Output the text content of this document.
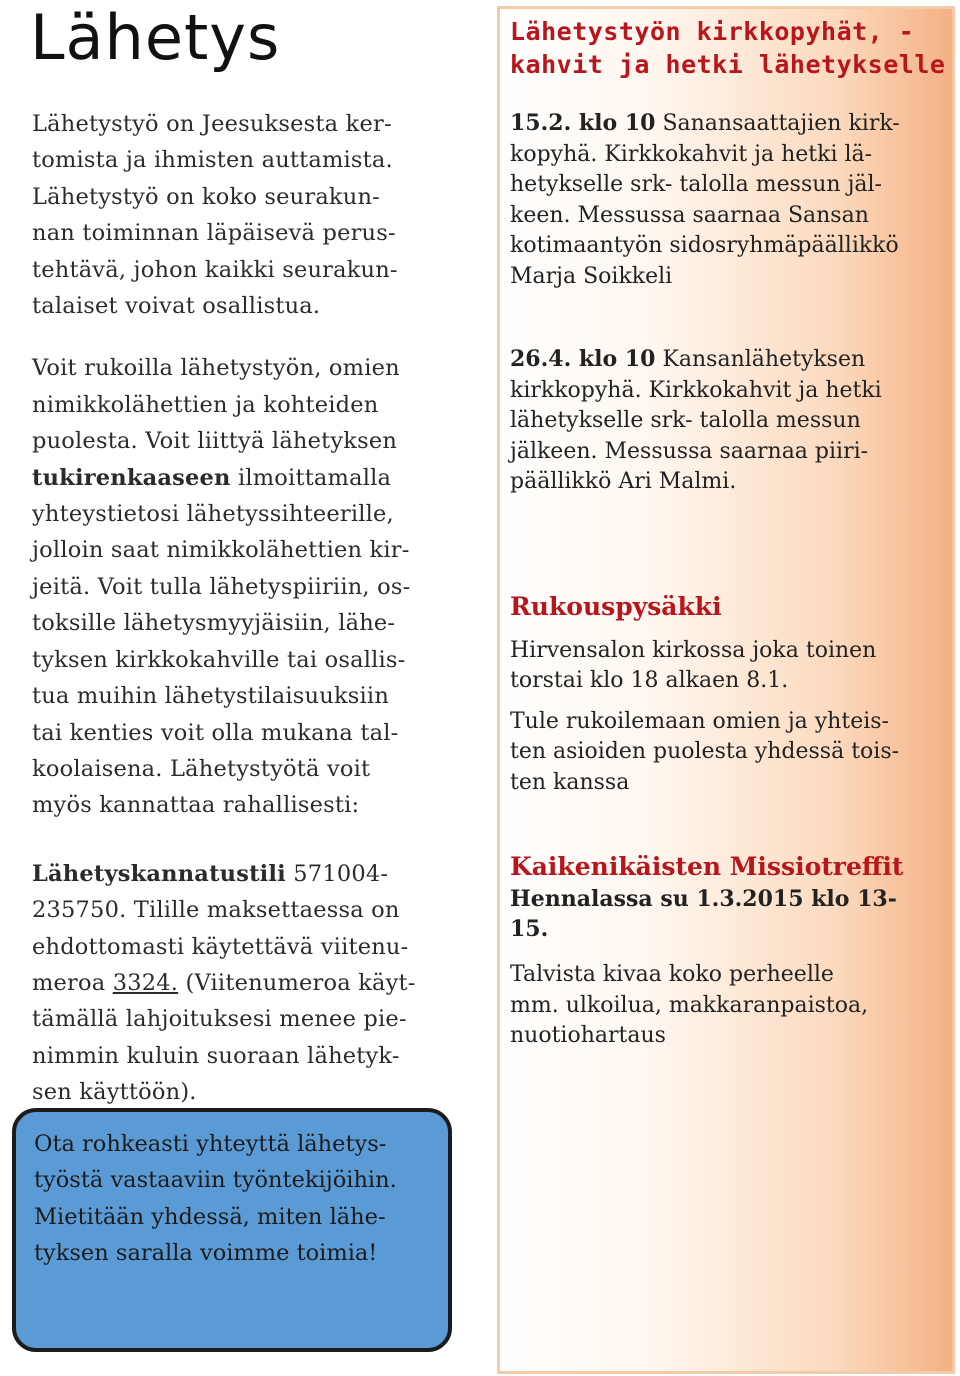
Lähetys

Lähetystyö on Jeesuksesta ker-
tomista ja ihmisten auttamista.
Lähetystyö on koko seurakun-
nan toiminnan läpäisevä perus-
tehtävä, johon kaikki seurakun-
talaiset voivat osallistua.

Voit rukoilla lähetystyön, omien
nimikkolähettien ja kohteiden
puolesta. Voit liittyä lähetyksen
tukirenkaaseen ilmoittamalla
yhteystietosi lähetyssihteerille,
jolloin saat nimikkolähettien kir-
jeitä. Voit tulla lähetyspiiriin, os-
toksille lähetysmyyjäisiin, lähe-
tyksen kirkkokahville tai osallis-
tua muihin lähetystilaisuuksiin
tai kenties voit olla mukana tal-
koolaisena. Lähetystyötä voit
myös kannattaa rahallisesti:

Lähetyskannatustili 571004-
235750. Tilille maksettaessa on
ehdottomasti käytettävä viitenu-
meroa 3324. (Viitenumeroa käyt-
tämällä lahjoituksesi menee pie-
nimmin kuluin suoraan lähetyk-
sen käyttöön).

Ota rohkeasti yhteyttä lähetys-
työstä vastaaviin työntekijöihin.
Mietitään yhdessä, miten lähe-
tyksen saralla voimme toimia!
Lähetystyön kirkkopyhät, -
kahvit ja hetki lähetykselle

15.2. klo 10 Sanansaattajien kirk-
kopyhä. Kirkkokahvit ja hetki lä-
hetykselle srk- talolla messun jäl-
keen. Messussa saarnaa Sansan
kotimaantyön sidosryhmäpäällikkö
Marja Soikkeli

26.4. klo 10 Kansanlähetyksen
kirkkopyhä. Kirkkokahvit ja hetki
lähetykselle srk- talolla messun
jälkeen. Messussa saarnaa piiri-
päällikkö Ari Malmi.

Rukouspysäkki

Hirvensalon kirkossa joka toinen
torstai klo 18 alkaen 8.1.

Tule rukoilemaan omien ja yhteis-
ten asioiden puolesta yhdessä tois-
ten kanssa

Kaikenikäisten Missiotreffit

Hennalassa su 1.3.2015 klo 13-
15.

Talvista kivaa koko perheelle
mm. ulkoilua, makkaranpaistoa,
nuotiohartaus
